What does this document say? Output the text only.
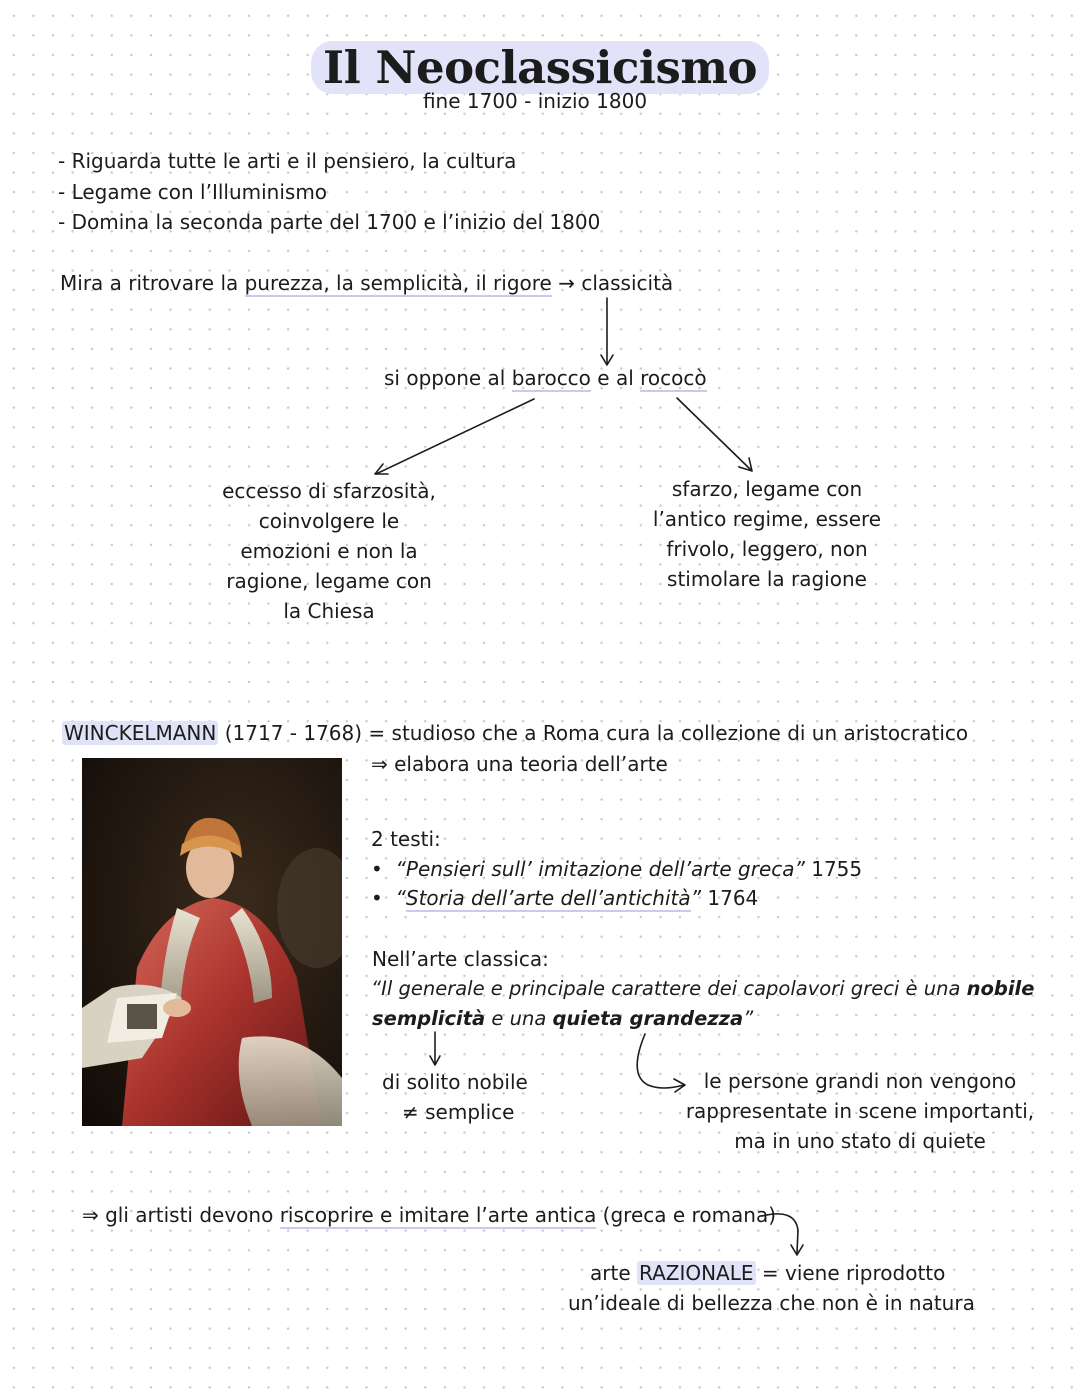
Il Neoclassicismo
fine 1700 - inizio 1800
- Riguarda tutte le arti e il pensiero, la cultura
- Legame con l’Illuminismo
- Domina la seconda parte del 1700 e l’inizio del 1800
Mira a ritrovare la purezza, la semplicità, il rigore → classicità
si oppone al barocco e al rococò
eccesso di sfarzosità, coinvolgere le emozioni e non la ragione, legame con la Chiesa
sfarzo, legame con l’antico regime, essere frivolo, leggero, non stimolare la ragione
WINCKELMANN (1717 - 1768) = studioso che a Roma cura la collezione di un aristocratico
⇒ elabora una teoria dell’arte
2 testi:
•  “Pensieri sull’ imitazione dell’arte greca” 1755
•  “Storia dell’arte dell’antichità” 1764
Nell’arte classica:
“Il generale e principale carattere dei capolavori greci è una nobile
semplicità e una quieta grandezza”
di solito nobile
≠ semplice
le persone grandi non vengono rappresentate in scene importanti, ma in uno stato di quiete
⇒ gli artisti devono riscoprire e imitare l’arte antica (greca e romana)
arte RAZIONALE = viene riprodotto
un’ideale di bellezza che non è in natura
